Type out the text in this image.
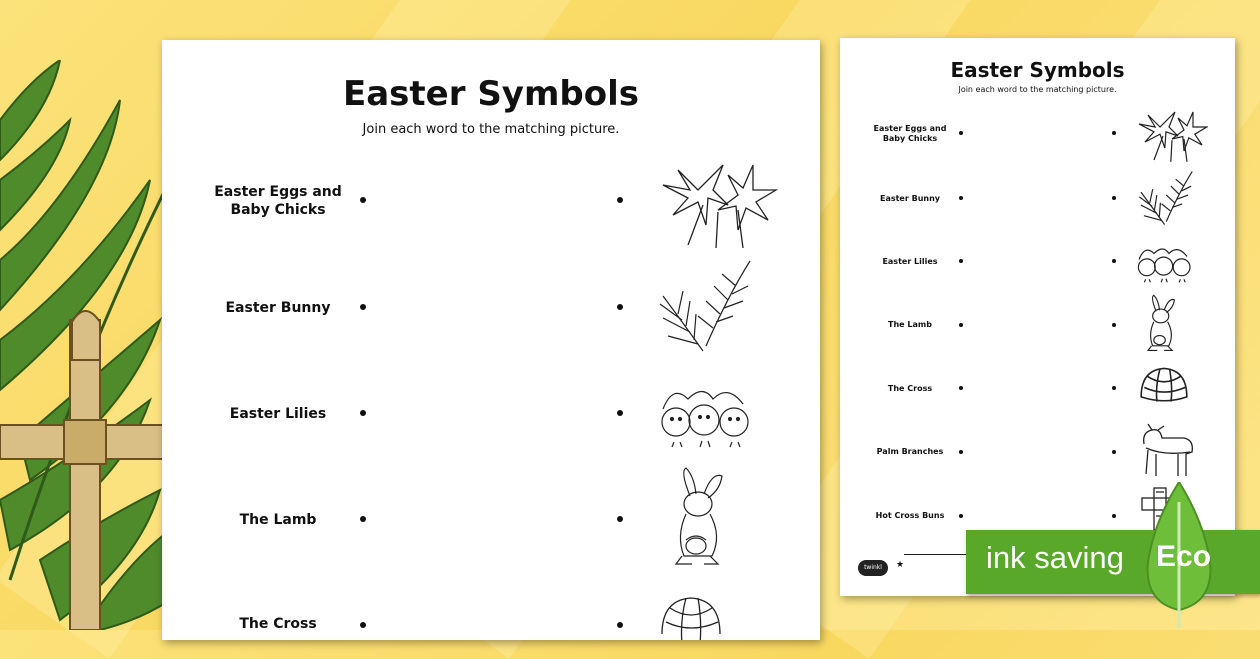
Easter Symbols
Join each word to the matching picture.
Easter Eggs and
Baby Chicks
Easter Bunny
Easter Lilies
The Lamb
The Cross
Easter Symbols
Join each word to the matching picture.
Easter Eggs and
Baby Chicks
Easter Bunny
Easter Lilies
The Lamb
The Cross
Palm Branches
Hot Cross Buns
twinkl	★	ink saving Eco
